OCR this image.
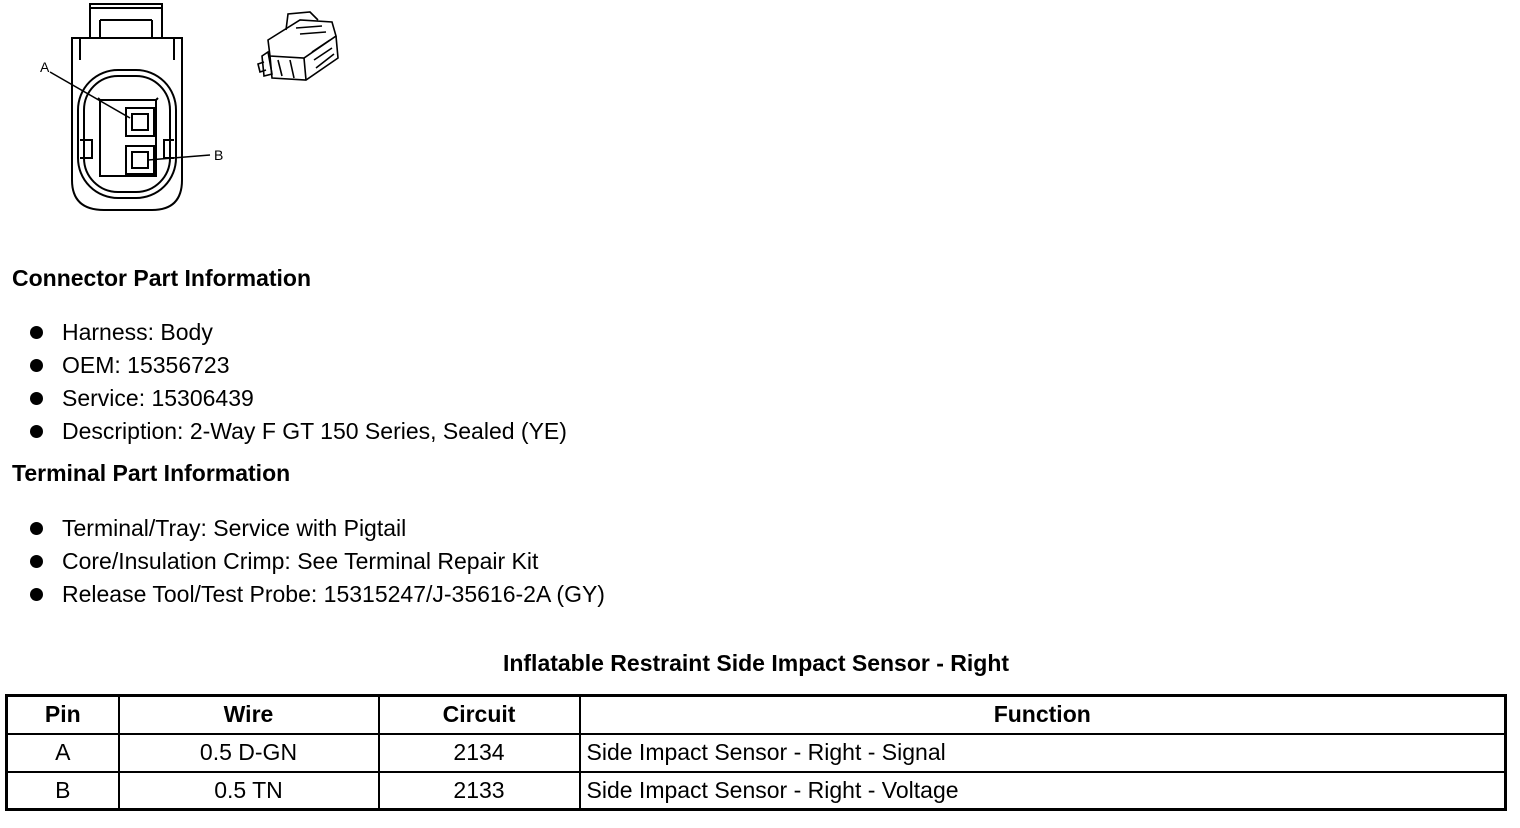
A
B
Connector Part Information
Harness: Body
OEM: 15356723
Service: 15306439
Description: 2-Way F GT 150 Series, Sealed (YE)
Terminal Part Information
Terminal/Tray: Service with Pigtail
Core/Insulation Crimp: See Terminal Repair Kit
Release Tool/Test Probe: 15315247/J-35616-2A (GY)
Inflatable Restraint Side Impact Sensor - Right
Pin	Wire	Circuit	Function
A	0.5 D-GN	2134	Side Impact Sensor - Right - Signal
B	0.5 TN	2133	Side Impact Sensor - Right - Voltage
